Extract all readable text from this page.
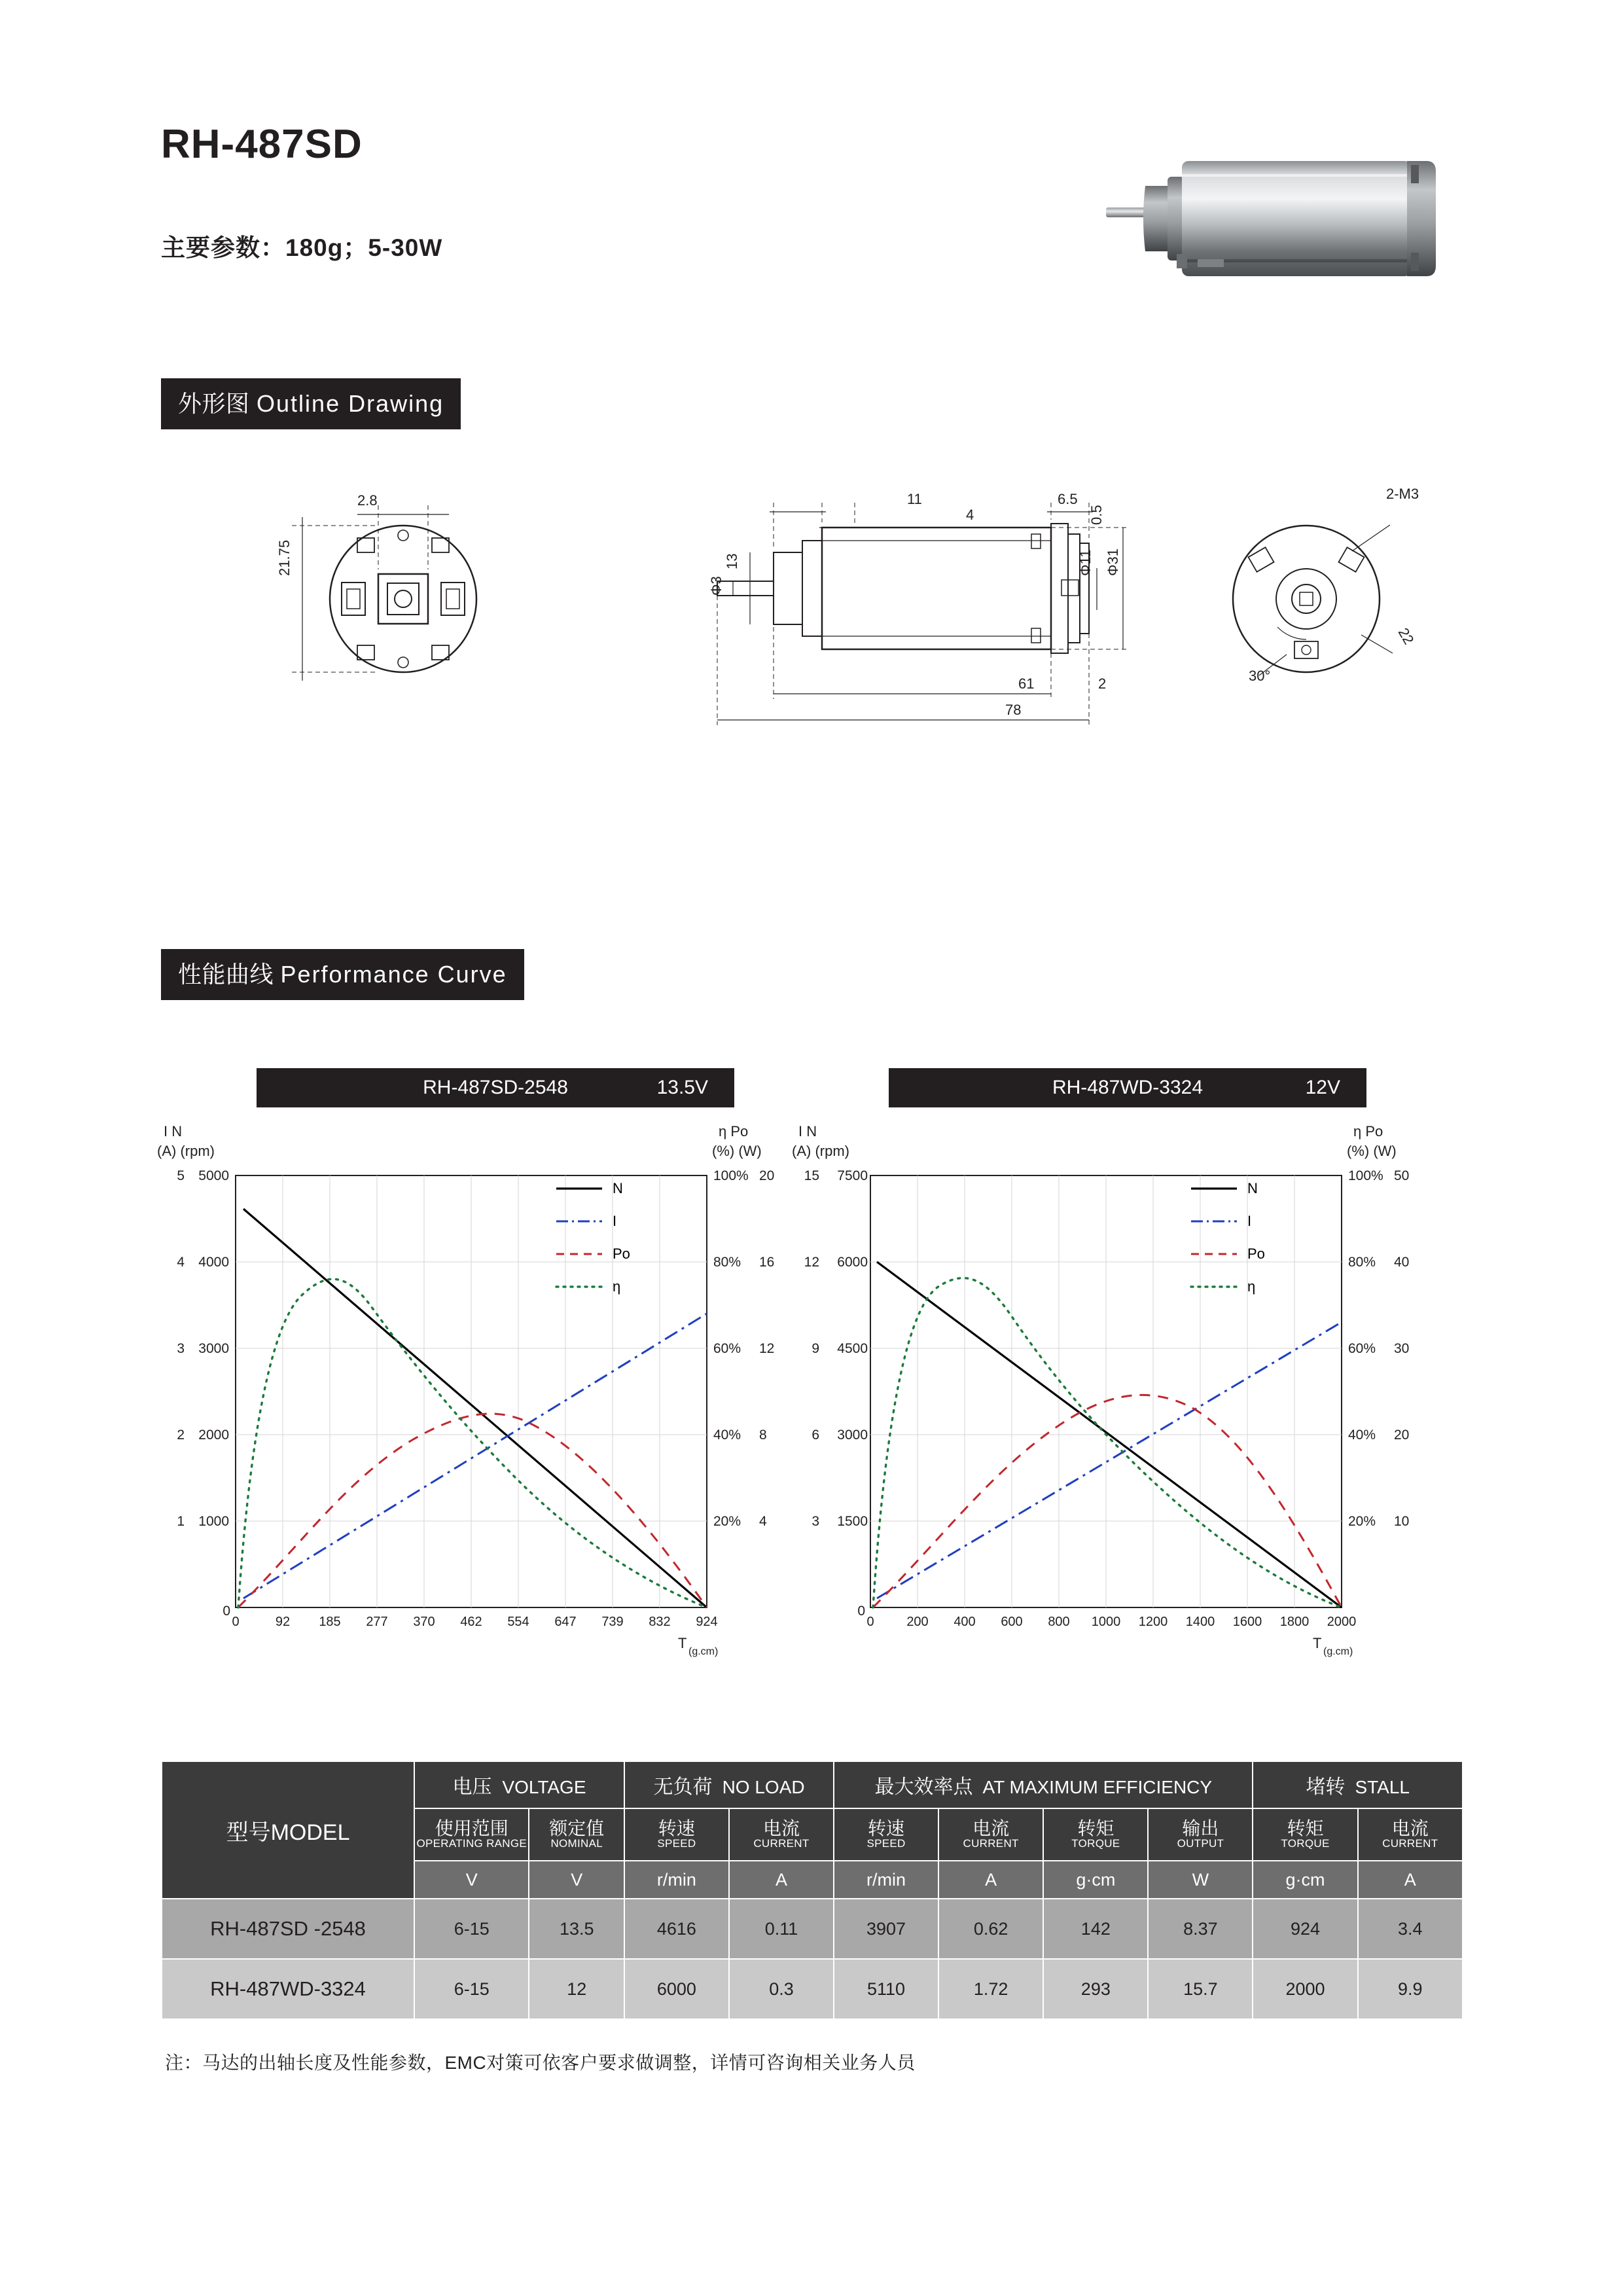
RH-487SD
主要参数：180g；5-30W
外形图 Outline Drawing
2.8
21.75
11
4
6.5
0.5
13
Φ3
Φ11 Φ31
61	2
78
2-M3
22
30°
性能曲线 Performance Curve
RH-487SD-2548	13.5V	RH-487WD-3324	12V
I N
(A) (rpm)
η Po
(%) (W)
5
4
3
2
1
5000
4000
3000
2000
1000
0
100%
80%
60%
40%
20%
20
16
12
8
4
0	92 185 277 370 462 554 647 739 832 924
T
(g.cm)
N
I
Po
η
I N
(A) (rpm)
η Po
(%) (W)
15
12
9
6
3
7500
6000
4500
3000
1500
0
100%
80%
60%
40%
20%
50
40
30
20
10
0 200 400 600 800 1000 1200 1400 1600 1800 2000
T
(g.cm)
N
I
Po
η
型号MODEL	电压 VOLTAGE		无负荷 NO LOAD		最大效率点 AT MAXIMUM EFFICIENCY				堵转 STALL	

	使用范围
OPERATING RANGE	额定值
NOMINAL	转速
SPEED	电流
CURRENT	转速
SPEED	电流
CURRENT	转矩
TORQUE	输出
OUTPUT	转矩
TORQUE	电流
CURRENT

	V	V	r/min	A	r/min	A	g·cm	W	g·cm	A
RH-487SD -2548	6-15	13.5	4616	0.11	3907	0.62	142	8.37	924	3.4
RH-487WD-3324	6-15	12	6000	0.3	5110	1.72	293	15.7	2000	9.9
注：马达的出轴长度及性能参数，EMC对策可依客户要求做调整，详情可咨询相关业务人员
